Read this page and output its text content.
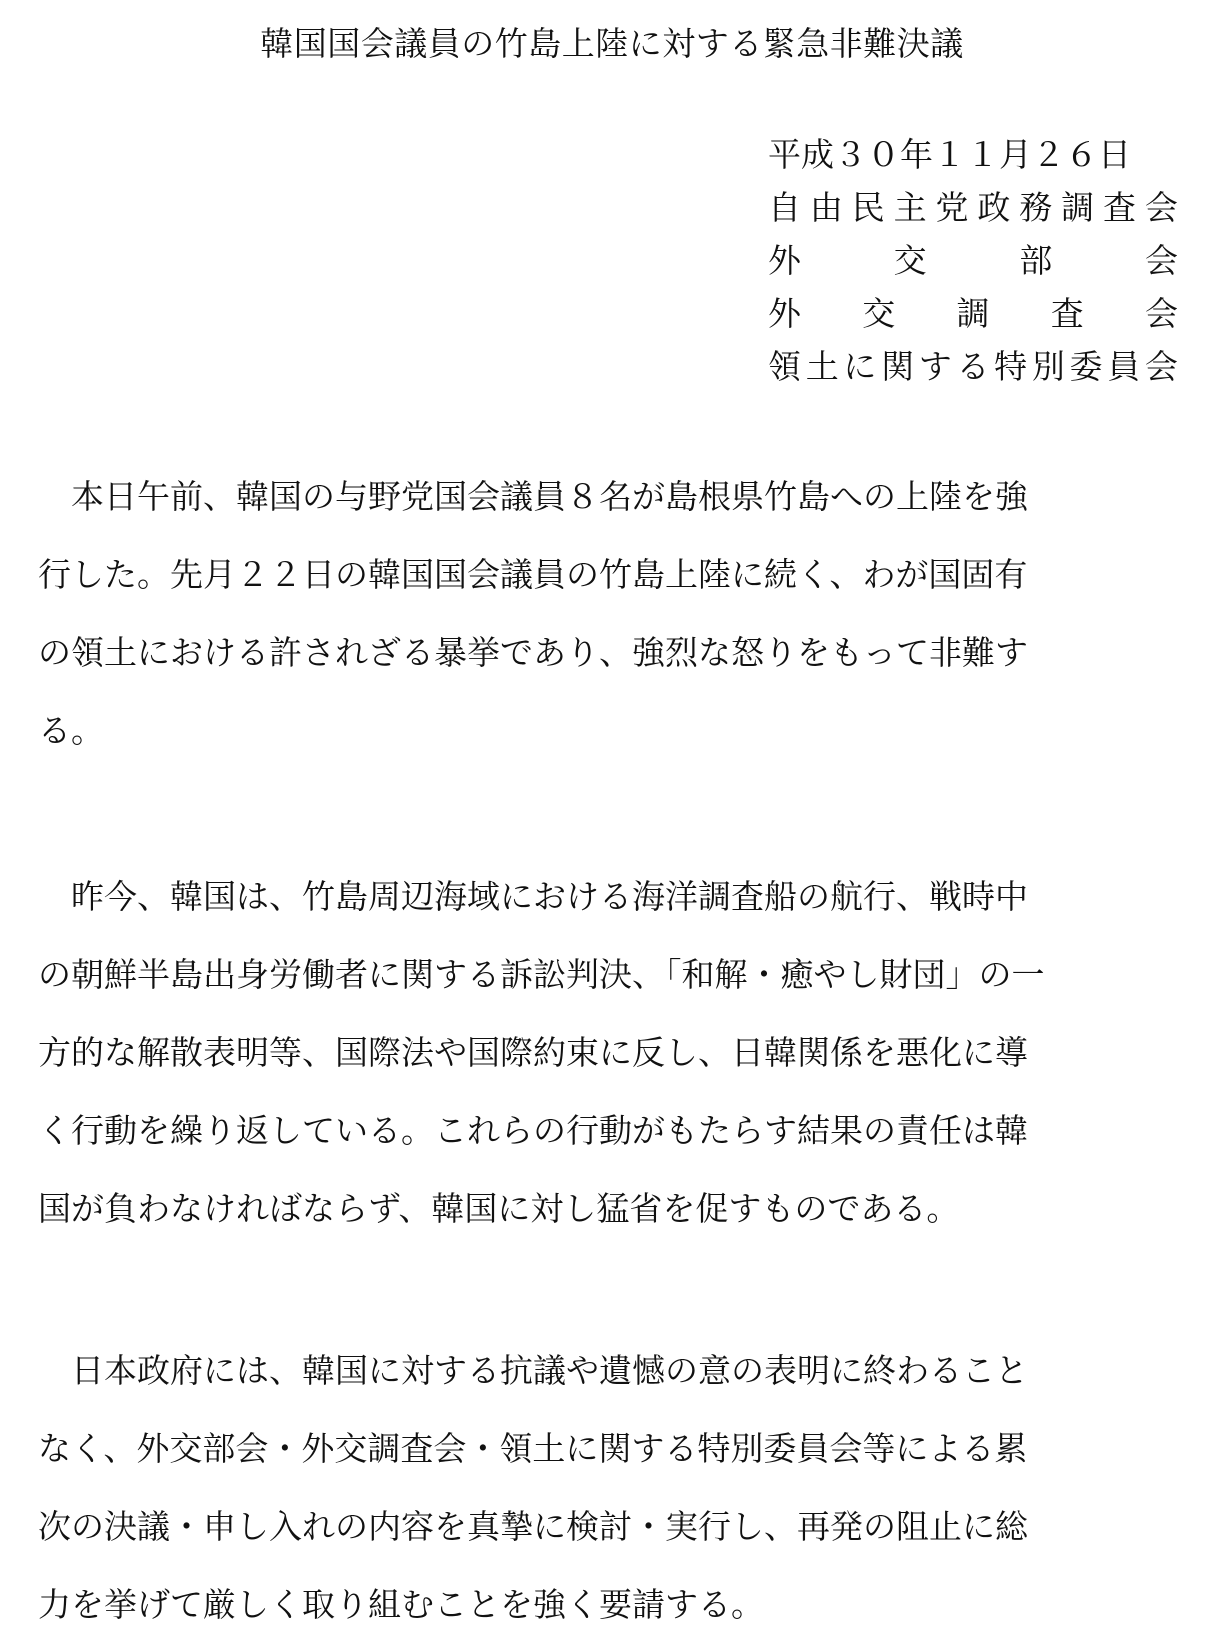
韓国国会議員の竹島上陸に対する緊急非難決議
平成３０年１１月２６日
自 由 民 主 党 政 務 調 査 会
外	交	部	会
外 交 調 査 会
領 土 に 関 す る 特 別 委 員 会
　本日午前、韓国の与野党国会議員８名が島根県竹島への上陸を強
行した。先月２２日の韓国国会議員の竹島上陸に続く、わが国固有
の領土における許されざる暴挙であり、強烈な怒りをもって非難す
る。
　昨今、韓国は、竹島周辺海域における海洋調査船の航行、戦時中
の朝鮮半島出身労働者に関する訴訟判決、「和解・癒やし財団」の一
方的な解散表明等、国際法や国際約束に反し、日韓関係を悪化に導
く行動を繰り返している。これらの行動がもたらす結果の責任は韓
国が負わなければならず、韓国に対し猛省を促すものである。
　日本政府には、韓国に対する抗議や遺憾の意の表明に終わること
なく、外交部会・外交調査会・領土に関する特別委員会等による累
次の決議・申し入れの内容を真摯に検討・実行し、再発の阻止に総
力を挙げて厳しく取り組むことを強く要請する。
